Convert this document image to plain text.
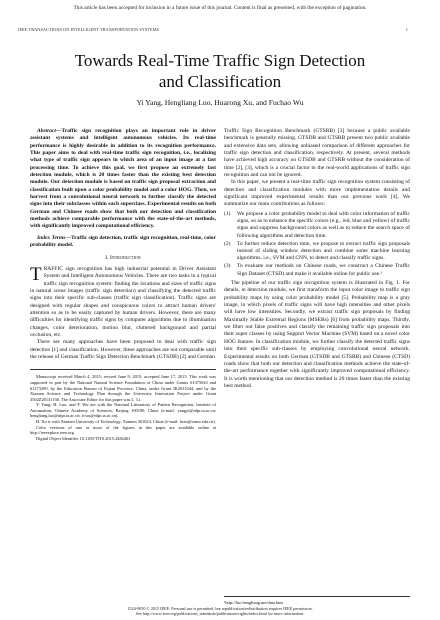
This article has been accepted for inclusion in a future issue of this journal. Content is final as presented, with the exception of pagination.
IEEE TRANSACTIONS ON INTELLIGENT TRANSPORTATION SYSTEMS	1
Towards Real-Time Traffic Sign Detection
and Classification
Yi Yang, Hengliang Luo, Huarong Xu, and Fuchao Wu

Abstract—Traffic sign recognition plays an important role in driver assistant systems and intelligent autonomous vehicles. Its real-time performance is highly desirable in addition to its recognition performance. This paper aims to deal with real-time traffic sign recognition, i.e., localizing what type of traffic sign appears in which area of an input image at a fast processing time. To achieve this goal, we first propose an extremely fast detection module, which is 20 times faster than the existing best detection module. Our detection module is based on traffic sign proposal extraction and classification built upon a color probability model and a color HOG. Then, we harvest from a convolutional neural network to further classify the detected signs into their subclasses within each superclass. Experimental results on both German and Chinese roads show that both our detection and classification methods achieve comparable performance with the state-of-the-art methods, with significantly improved computational efficiency.

Index Terms—Traffic sign detection, traffic sign recognition, real-time, color probability model.

I. Introduction

TRAFFIC sign recognition has high industrial potential in Driver Assistant System and Intelligent Autonomous Vehicles. There are two tasks in a typical traffic sign recognition system: finding the locations and sizes of traffic signs in natural scene images (traffic sign detection) and classifying the detected traffic signs into their specific sub-classes (traffic sign classification). Traffic signs are designed with regular shapes and conspicuous colors to attract human drivers' attention so as to be easily captured by human drivers. However, there are many difficulties for identifying traffic signs by computer algorithms due to illumination changes, color deterioration, motion blur, cluttered background and partial occlusion, etc.

There are many approaches have been proposed to deal with traffic sign detection [1] and classification. However, these approaches are not comparable until the release of German Traffic Sign Detection Benchmark (GTSDB) [2] and German

Manuscript received March 4, 2015; revised June 9, 2015; accepted June 17, 2015. This work was supported in part by the National Natural Science Foundation of China under Grants 61375043 and 61273290, by the Education Bureau of Fujian Province, China, under Grant JK2011044, and by the Xiamen Science and Technology Plan through the University Innovation Project under Grant 3502Z20131158. The Associate Editor for this paper was L. Li.

Y. Yang, H. Luo, and F. Wu are with the National Laboratory of Pattern Recognition, Institute of Automation, Chinese Academy of Sciences, Beijing 100190, China (e-mail: yangyi@nlpr.ia.ac.cn; hengliang.luo@nlpr.ia.ac.cn; fcwu@nlpr.ia.ac.cn).

H. Xu is with Xiamen University of Technology, Xiamen 361024, China (e-mail: hrxu@xmut.edu.cn).

Color versions of one or more of the figures in this paper are available online at http://ieeexplore.ieee.org.

Digital Object Identifier 10.1109/TITS.2015.2482461

Traffic Sign Recognition Benchmark (GTSRB) [3] because a public available benchmark is generally missing. GTSDB and GTSRB present two public available and extensive data sets, allowing unbiased comparison of different approaches for traffic sign detection and classification, respectively. At present, several methods have achieved high accuracy on GTSDB and GTSRB without the consideration of time [2], [3], which is a crucial factor in the real-world applications of traffic sign recognition and can not be ignored.

In this paper, we present a real-time traffic sign recognition system consisting of detection and classification modules with more implementation details and significant improved experimental results than our previous work [4]. We summarize our main contributions as follows:

(1) We propose a color probability model to deal with color information of traffic signs, so as to enhance the specific colors (e.g., red, blue and yellow) of traffic signs and suppress background colors as well as to reduce the search space of following algorithms and detection time.
(2) To further reduce detection time, we propose to extract traffic sign proposals instead of sliding window detection and combine some machine learning algorithms, i.e., SVM and CNN, to detect and classify traffic signs.
(3) To evaluate our methods on Chinese roads, we construct a Chinese Traffic Sign Dataset (CTSD) and make it available online for public use.¹

The pipeline of our traffic sign recognition system is illustrated in Fig. 1. For details, in detection module, we first transform the input color image to traffic sign probability maps by using color probability model [5]. Probability map is a gray image, in which pixels of traffic signs will have high intensities and other pixels will have low intensities. Secondly, we extract traffic sign proposals by finding Maximally Stable Extremal Regions (MSERs) [6] from probability maps. Thirdly, we filter out false positives and classify the remaining traffic sign proposals into their super classes by using Support Vector Machine (SVM) based on a novel color HOG feature. In classification module, we further classify the detected traffic signs into their specific sub-classes by employing convolutional neural network. Experimental results on both German (GTSDB and GTSRB) and Chinese (CTSD) roads show that both our detection and classification methods achieve the state-of-the-art performance together with significantly improved computational efficiency. It is worth mentioning that our detection method is 20 times faster than the existing best method.

¹http://luo.hengliang.me/data.htm
1524-9050 © 2015 IEEE. Personal use is permitted, but republication/redistribution requires IEEE permission.
See http://www.ieee.org/publications_standards/publications/rights/index.html for more information.
